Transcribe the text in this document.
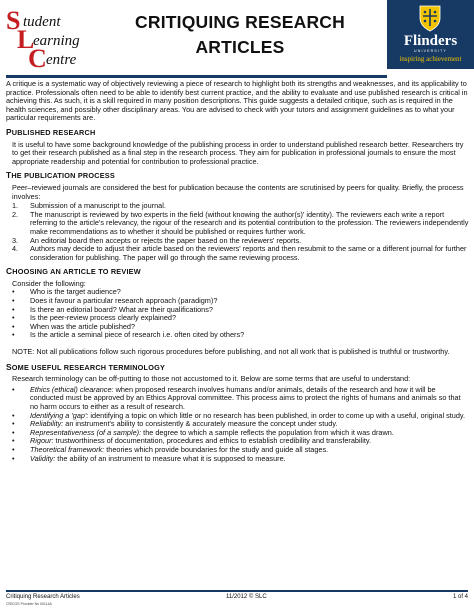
S tudent
L
earning
C entre
CRITIQUING RESEARCH
ARTICLES	Flinders
UNIVERSITY
inspiring achievement

A critique is a systematic way of objectively reviewing a piece of research to highlight both its strengths and weaknesses, and its applicability to practice. Professionals often need to be able to identify best current practice, and the ability to evaluate and use published research is critical in achieving this. As such, it is a skill required in many position descriptions. This guide suggests a detailed critique, such as is required in the health sciences, and possibly other disciplinary areas. You are advised to check with your tutors and assignment guidelines as to what your particular requirements are.

PUBLISHED RESEARCH

It is useful to have some background knowledge of the publishing process in order to understand published research better. Researchers try to get their research published as a final step in the research process. They aim for publication in professional journals to ensure the most appropriate readership and potential for contribution to professional practice.

THE PUBLICATION PROCESS

Peer–reviewed journals are considered the best for publication because the contents are scrutinised by peers for quality. Briefly, the process involves:

1. Submission of a manuscript to the journal.
2. The manuscript is reviewed by two experts in the field (without knowing the author(s)' identity). The reviewers each write a report referring to the article's relevancy, the rigour of the research and its potential contribution to the profession. The reviewers independently make recommendations as to whether it should be published or requires further work.
3. An editorial board then accepts or rejects the paper based on the reviewers' reports.
4. Authors may decide to adjust their article based on the reviewers' reports and then resubmit to the same or a different journal for further consideration for publishing. The paper will go through the same reviewing process.

CHOOSING AN ARTICLE TO REVIEW

Consider the following:

• Who is the target audience?
• Does it favour a particular research approach (paradigm)?
• Is there an editorial board? What are their qualifications?
• Is the peer-review process clearly explained?
• When was the article published?
• Is the article a seminal piece of research i.e. often cited by others?

NOTE: Not all publications follow such rigorous procedures before publishing, and not all work that is published is truthful or trustworthy.

SOME USEFUL RESEARCH TERMINOLOGY

Research terminology can be off-putting to those not accustomed to it. Below are some terms that are useful to understand:

• Ethics (ethical) clearance: when proposed research involves humans and/or animals, details of the research and how it will be conducted must be approved by an Ethics Approval committee. This process aims to protect the rights of humans and animals so that no harm occurs to either as a result of research.
• Identifying a 'gap': identifying a topic on which little or no research has been published, in order to come up with a useful, original study.
• Reliability: an instrument's ability to consistently & accurately measure the concept under study.
• Representativeness (of a sample): the degree to which a sample reflects the population from which it was drawn.
• Rigour: trustworthiness of documentation, procedures and ethics to establish credibility and transferability.
• Theoretical framework: theories which provide boundaries for the study and guide all stages.
• Validity: the ability of an instrument to measure what it is supposed to measure.
Critiquing Research Articles	11/2012 © SLC	1 of 4
CRICOS Provider No 00114A
